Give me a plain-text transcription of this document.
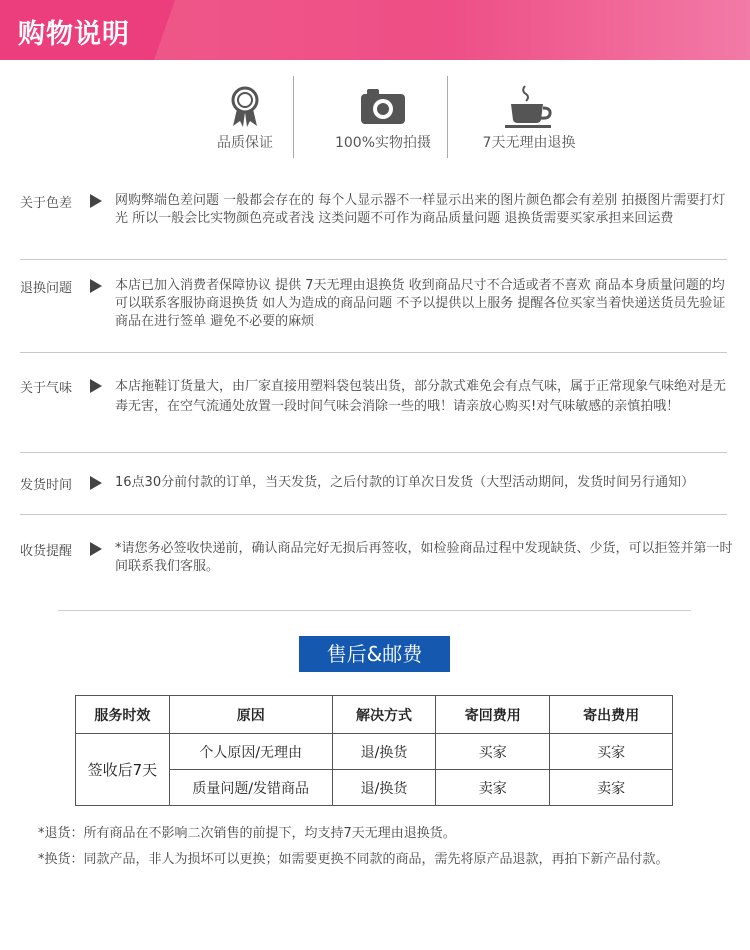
购物说明
品质保证	100%实物拍摄	7天无理由退换
关于色差	网购弊端色差问题 一般都会存在的 每个人显示器不一样显示出来的图片颜色都会有差别 拍摄图片需要打灯光 所以一般会比实物颜色亮或者浅 这类问题不可作为商品质量问题 退换货需要买家承担来回运费
退换问题	本店已加入消费者保障协议 提供 7天无理由退换货 收到商品尺寸不合适或者不喜欢 商品本身质量问题的均可以联系客服协商退换货 如人为造成的商品问题 不予以提供以上服务 提醒各位买家当着快递送货员先验证商品在进行签单 避免不必要的麻烦
关于气味	本店拖鞋订货量大，由厂家直接用塑料袋包装出货，部分款式难免会有点气味，属于正常现象气味绝对是无毒无害，在空气流通处放置一段时间气味会消除一些的哦！请亲放心购买!对气味敏感的亲慎拍哦！
发货时间	16点30分前付款的订单，当天发货，之后付款的订单次日发货（大型活动期间，发货时间另行通知）
收货提醒	*请您务必签收快递前，确认商品完好无损后再签收，如检验商品过程中发现缺货、少货，可以拒签并第一时间联系我们客服。
售后&邮费
服务时效	原因	解决方式	寄回费用	寄出费用
签收后7天	个人原因/无理由	退/换货	买家	买家
	质量问题/发错商品	退/换货	卖家	卖家
*退货：所有商品在不影响二次销售的前提下，均支持7天无理由退换货。
*换货：同款产品，非人为损坏可以更换；如需要更换不同款的商品，需先将原产品退款，再拍下新产品付款。
